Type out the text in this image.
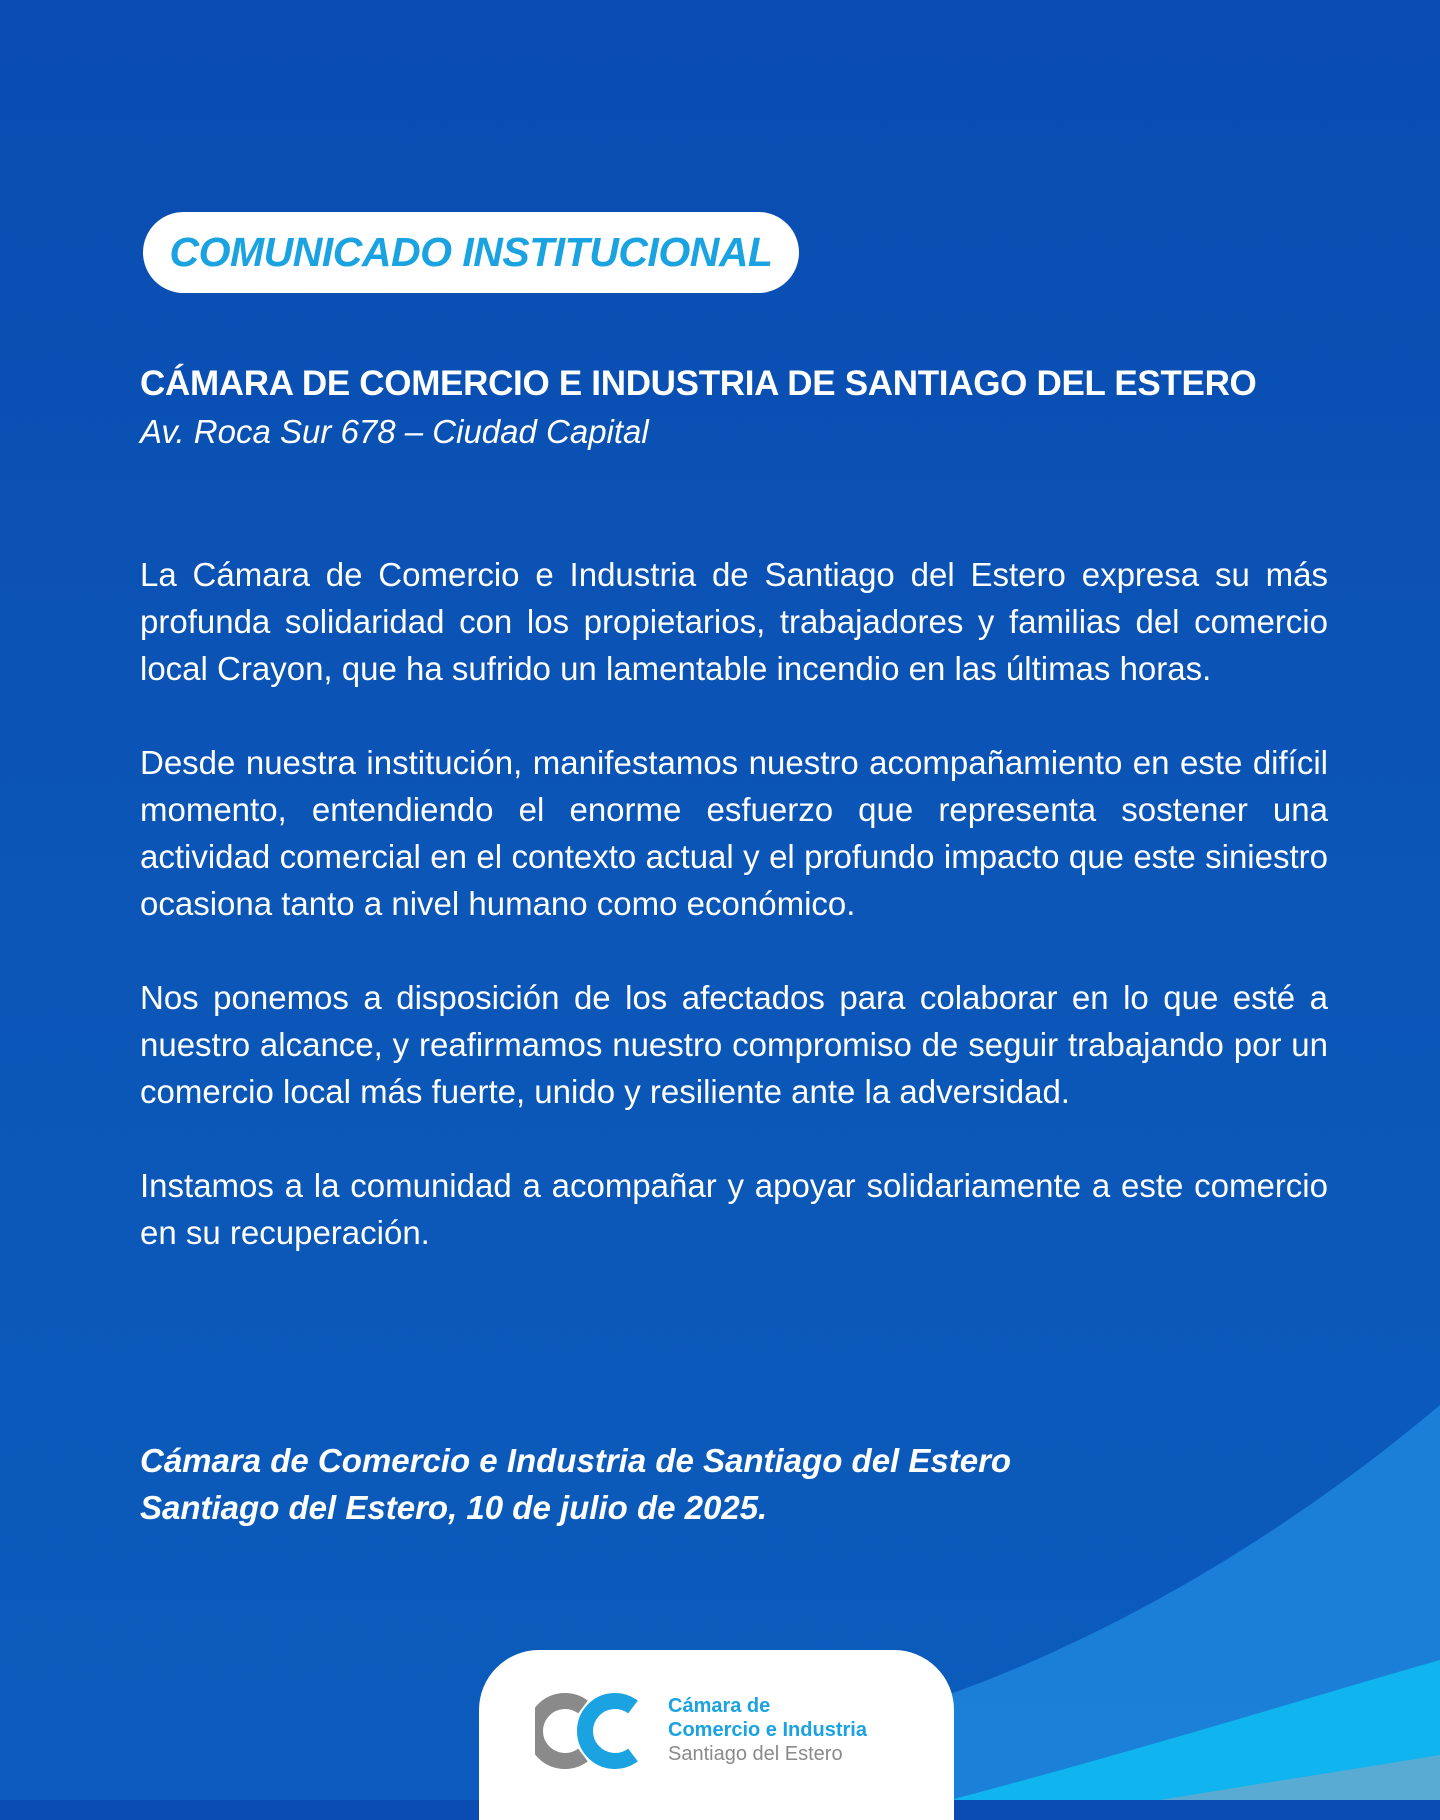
COMUNICADO INSTITUCIONAL
CÁMARA DE COMERCIO E INDUSTRIA DE SANTIAGO DEL ESTERO
Av. Roca Sur 678 – Ciudad Capital

La Cámara de Comercio e Industria de Santiago del Estero expresa su más profunda solidaridad con los propietarios, trabajadores y familias del comercio local Crayon, que ha sufrido un lamentable incendio en las últimas horas.

Desde nuestra institución, manifestamos nuestro acompañamiento en este difícil momento, entendiendo el enorme esfuerzo que representa sostener una actividad comercial en el contexto actual y el profundo impacto que este siniestro ocasiona tanto a nivel humano como económico.

Nos ponemos a disposición de los afectados para colaborar en lo que esté a nuestro alcance, y reafirmamos nuestro compromiso de seguir trabajando por un comercio local más fuerte, unido y resiliente ante la adversidad.

Instamos a la comunidad a acompañar y apoyar solidariamente a este comercio en su recuperación.

Cámara de Comercio e Industria de Santiago del Estero
Santiago del Estero, 10 de julio de 2025.
Cámara de
Comercio e Industria
Santiago del Estero
